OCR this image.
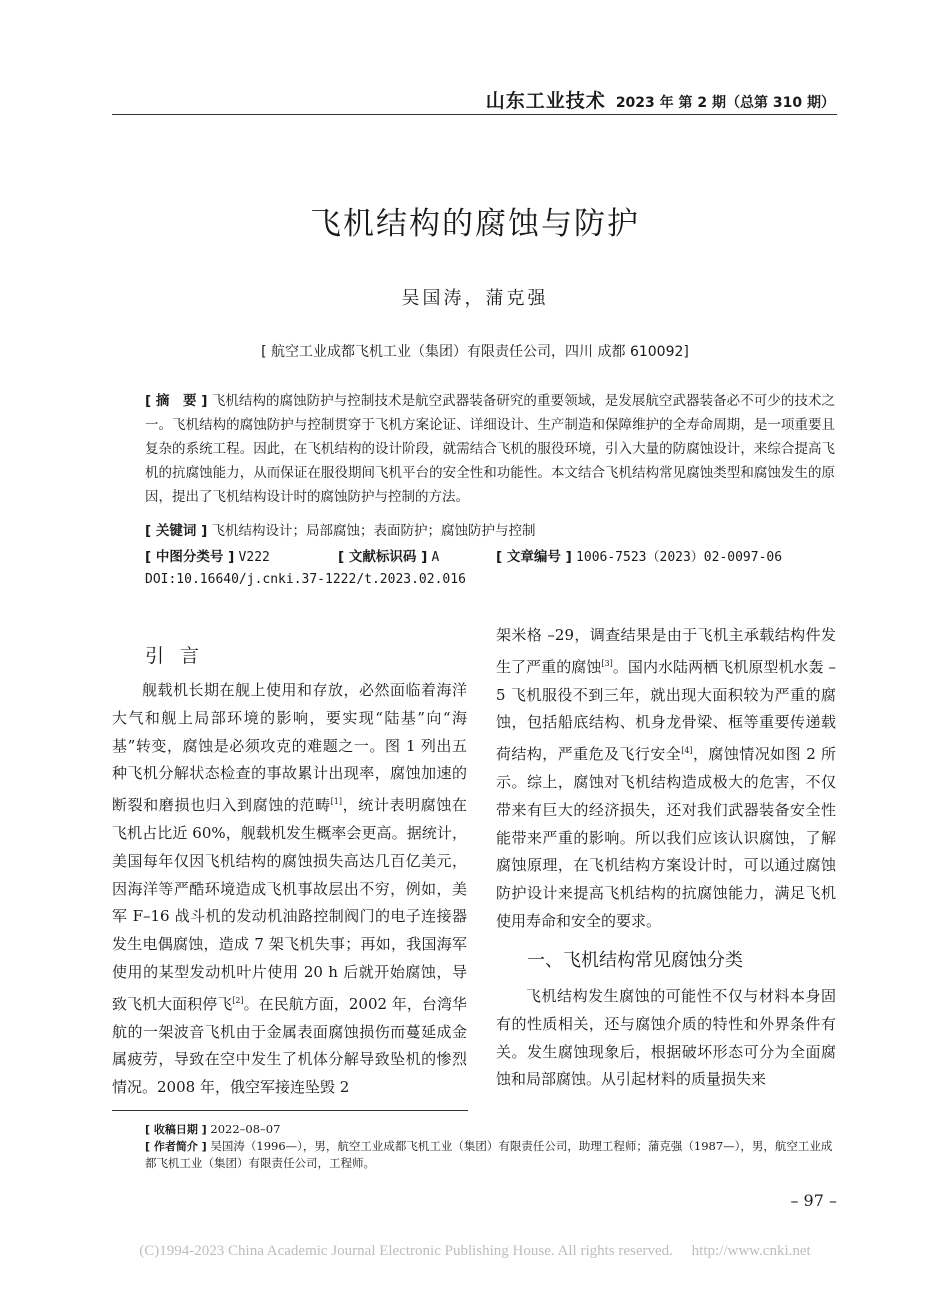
山东工业技术 2023 年 第 2 期（总第 310 期）
飞机结构的腐蚀与防护
吴国涛，蒲克强
[ 航空工业成都飞机工业（集团）有限责任公司，四川 成都 610092]
[ 摘　要 ] 飞机结构的腐蚀防护与控制技术是航空武器装备研究的重要领域，是发展航空武器装备必不可少的技术之一。飞机结构的腐蚀防护与控制贯穿于飞机方案论证、详细设计、生产制造和保障维护的全寿命周期，是一项重要且复杂的系统工程。因此，在飞机结构的设计阶段，就需结合飞机的服役环境，引入大量的防腐蚀设计，来综合提高飞机的抗腐蚀能力，从而保证在服役期间飞机平台的安全性和功能性。本文结合飞机结构常见腐蚀类型和腐蚀发生的原因，提出了飞机结构设计时的腐蚀防护与控制的方法。
[ 关键词 ] 飞机结构设计；局部腐蚀；表面防护；腐蚀防护与控制
[ 中图分类号 ] V222	[ 文献标识码 ] A	[ 文章编号 ] 1006-7523（2023）02-0097-06
DOI:10.16640/j.cnki.37-1222/t.2023.02.016
引 言

舰载机长期在舰上使用和存放，必然面临着海洋大气和舰上局部环境的影响，要实现“陆基”向“海基”转变，腐蚀是必须攻克的难题之一。图 1 列出五种飞机分解状态检查的事故累计出现率，腐蚀加速的断裂和磨损也归入到腐蚀的范畴[1]，统计表明腐蚀在飞机占比近 60%，舰载机发生概率会更高。据统计，美国每年仅因飞机结构的腐蚀损失高达几百亿美元，因海洋等严酷环境造成飞机事故层出不穷，例如，美军 F–16 战斗机的发动机油路控制阀门的电子连接器发生电偶腐蚀，造成 7 架飞机失事；再如，我国海军使用的某型发动机叶片使用 20 h 后就开始腐蚀，导致飞机大面积停飞[2]。在民航方面，2002 年，台湾华航的一架波音飞机由于金属表面腐蚀损伤而蔓延成金属疲劳，导致在空中发生了机体分解导致坠机的惨烈情况。2008 年，俄空军接连坠毁 2

架米格 –29，调查结果是由于飞机主承载结构件发生了严重的腐蚀[3]。国内水陆两栖飞机原型机水轰 –5 飞机服役不到三年，就出现大面积较为严重的腐蚀，包括船底结构、机身龙骨梁、框等重要传递载荷结构，严重危及飞行安全[4]，腐蚀情况如图 2 所示。综上，腐蚀对飞机结构造成极大的危害，不仅带来有巨大的经济损失，还对我们武器装备安全性能带来严重的影响。所以我们应该认识腐蚀，了解腐蚀原理，在飞机结构方案设计时，可以通过腐蚀防护设计来提高飞机结构的抗腐蚀能力，满足飞机使用寿命和安全的要求。

一、飞机结构常见腐蚀分类

飞机结构发生腐蚀的可能性不仅与材料本身固有的性质相关，还与腐蚀介质的特性和外界条件有关。发生腐蚀现象后，根据破坏形态可分为全面腐蚀和局部腐蚀。从引起材料的质量损失来

[ 收稿日期 ] 2022–08–07
[ 作者简介 ] 吴国涛（1996—），男，航空工业成都飞机工业（集团）有限责任公司，助理工程师；蒲克强（1987—），男，航空工业成都飞机工业（集团）有限责任公司，工程师。
– 97 –
(C)1994-2023 China Academic Journal Electronic Publishing House. All rights reserved.　 http://www.cnki.net
